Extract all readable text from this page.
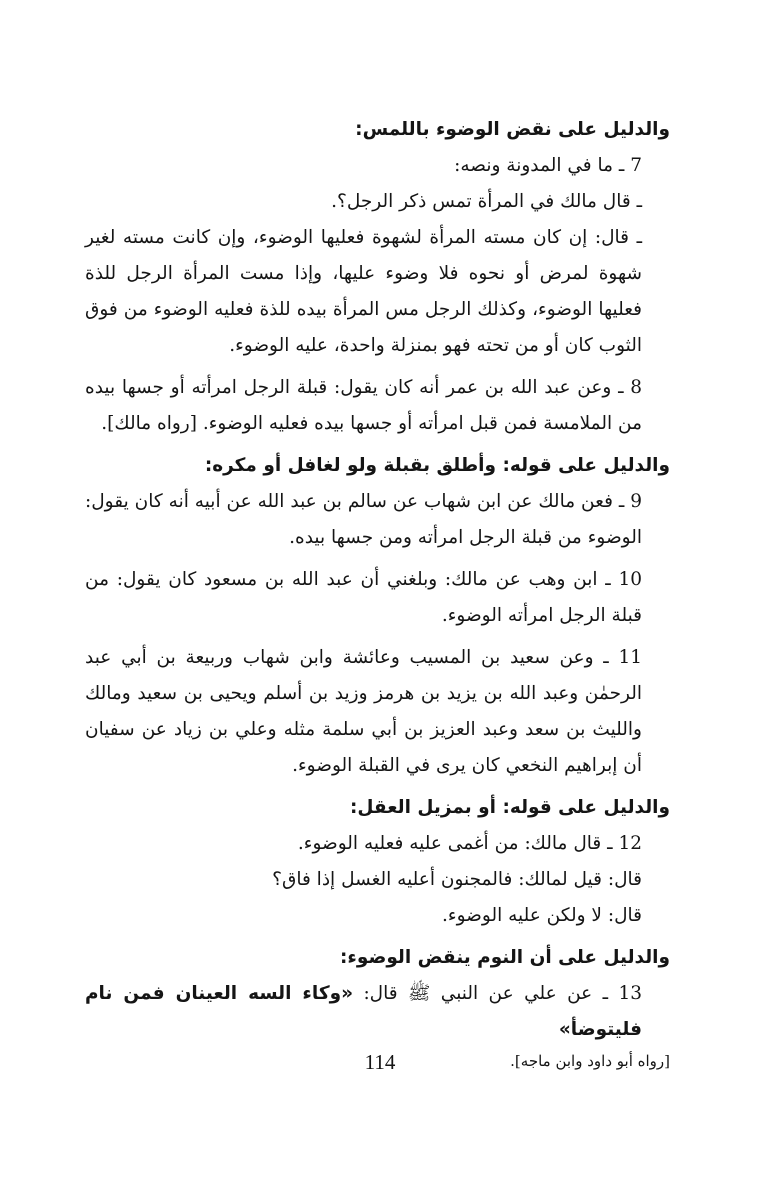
والدليل على نقض الوضوء باللمس:

7 ـ ما في المدونة ونصه:

ـ قال مالك في المرأة تمس ذكر الرجل؟.

ـ قال: إن كان مسته المرأة لشهوة فعليها الوضوء، وإن كانت مسته لغير شهوة لمرض أو نحوه فلا وضوء عليها، وإذا مست المرأة الرجل للذة فعليها الوضوء، وكذلك الرجل مس المرأة بيده للذة فعليه الوضوء من فوق الثوب كان أو من تحته فهو بمنزلة واحدة، عليه الوضوء.

8 ـ وعن عبد الله بن عمر أنه كان يقول: قبلة الرجل امرأته أو جسها بيده من الملامسة فمن قبل امرأته أو جسها بيده فعليه الوضوء. [رواه مالك].

والدليل على قوله: وأطلق بقبلة ولو لغافل أو مكره:

9 ـ فعن مالك عن ابن شهاب عن سالم بن عبد الله عن أبيه أنه كان يقول: الوضوء من قبلة الرجل امرأته ومن جسها بيده.

10 ـ ابن وهب عن مالك: وبلغني أن عبد الله بن مسعود كان يقول: من قبلة الرجل امرأته الوضوء.

11 ـ وعن سعيد بن المسيب وعائشة وابن شهاب وربيعة بن أبي عبد الرحمٰن وعبد الله بن يزيد بن هرمز وزيد بن أسلم ويحيى بن سعيد ومالك والليث بن سعد وعبد العزيز بن أبي سلمة مثله وعلي بن زياد عن سفيان أن إبراهيم النخعي كان يرى في القبلة الوضوء.

والدليل على قوله: أو بمزيل العقل:

12 ـ قال مالك: من أغمى عليه فعليه الوضوء.

قال: قيل لمالك: فالمجنون أعليه الغسل إذا فاق؟

قال: لا ولكن عليه الوضوء.

والدليل على أن النوم ينقض الوضوء:

13 ـ عن علي عن النبي ﷺ قال: «وكاء السه العينان فمن نام فليتوضأ»

[رواه أبو داود وابن ماجه].

114
